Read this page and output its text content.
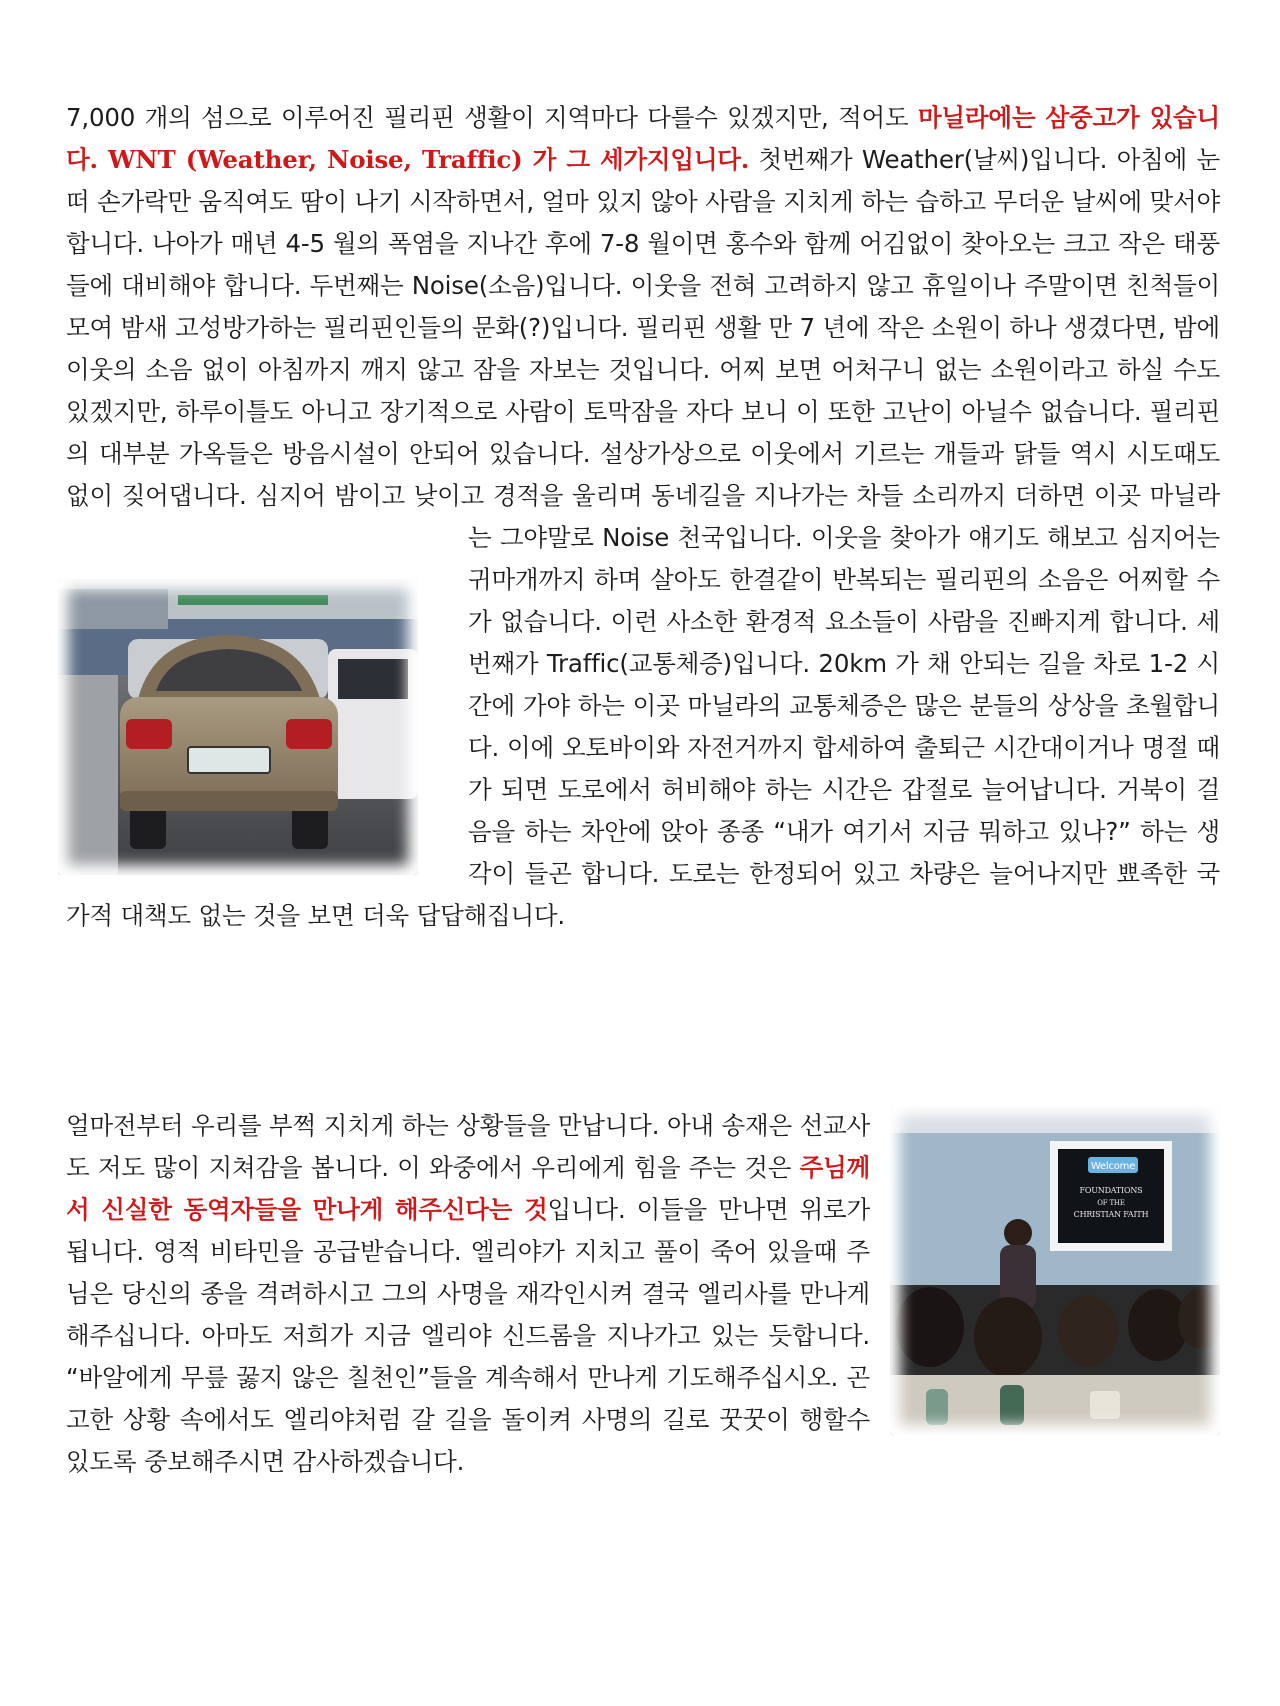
7,000 개의 섬으로 이루어진 필리핀 생활이 지역마다 다를수 있겠지만, 적어도 마닐라에는 삼중고가 있습니다. WNT (Weather, Noise, Traffic) 가 그 세가지입니다. 첫번째가 Weather(날씨)입니다. 아침에 눈떠 손가락만 움직여도 땀이 나기 시작하면서, 얼마 있지 않아 사람을 지치게 하는 습하고 무더운 날씨에 맞서야 합니다. 나아가 매년 4-5 월의 폭염을 지나간 후에 7-8 월이면 홍수와 함께 어김없이 찾아오는 크고 작은 태풍들에 대비해야 합니다. 두번째는 Noise(소음)입니다. 이웃을 전혀 고려하지 않고 휴일이나 주말이면 친척들이 모여 밤새 고성방가하는 필리핀인들의 문화(?)입니다. 필리핀 생활 만 7 년에 작은 소원이 하나 생겼다면, 밤에 이웃의 소음 없이 아침까지 깨지 않고 잠을 자보는 것입니다. 어찌 보면 어처구니 없는 소원이라고 하실 수도 있겠지만, 하루이틀도 아니고 장기적으로 사람이 토막잠을 자다 보니 이 또한 고난이 아닐수 없습니다. 필리핀의 대부분 가옥들은 방음시설이 안되어 있습니다. 설상가상으로 이웃에서 기르는 개들과 닭들 역시 시도때도 없이 짖어댑니다. 심지어 밤이고 낮이고 경적을 울리며 동네길을 지나가는 차들 소리까지 더하면 이곳 마닐라는 그야말로 Noise 천국입니다. 이웃을 찾아가 얘기도 해보고 심지어는 귀마개까지 하며 살아도 한결같이 반복되는 필리핀의 소음은 어찌할 수가 없습니다. 이런 사소한 환경적 요소들이 사람을 진빠지게 합니다. 세번째가 Traffic(교통체증)입니다. 20km 가 채 안되는 길을 차로 1-2 시간에 가야 하는 이곳 마닐라의 교통체증은 많은 분들의 상상을 초월합니다. 이에 오토바이와 자전거까지 합세하여 출퇴근 시간대이거나 명절 때가 되면 도로에서 허비해야 하는 시간은 갑절로 늘어납니다. 거북이 걸음을 하는 차안에 앉아 종종 “내가 여기서 지금 뭐하고 있나?” 하는 생각이 들곤 합니다. 도로는 한정되어 있고 차량은 늘어나지만 뾰족한 국가적 대책도 없는 것을 보면 더욱 답답해집니다.
Welcome
FOUNDATIONS
OF THE
CHRISTIAN FAITH
얼마전부터 우리를 부쩍 지치게 하는 상황들을 만납니다. 아내 송재은 선교사도 저도 많이 지쳐감을 봅니다. 이 와중에서 우리에게 힘을 주는 것은 주님께서 신실한 동역자들을 만나게 해주신다는 것입니다. 이들을 만나면 위로가 됩니다. 영적 비타민을 공급받습니다. 엘리야가 지치고 풀이 죽어 있을때 주님은 당신의 종을 격려하시고 그의 사명을 재각인시켜 결국 엘리사를 만나게 해주십니다. 아마도 저희가 지금 엘리야 신드롬을 지나가고 있는 듯합니다. “바알에게 무릎 꿇지 않은 칠천인”들을 계속해서 만나게 기도해주십시오. 곤고한 상황 속에서도 엘리야처럼 갈 길을 돌이켜 사명의 길로 꿋꿋이 행할수 있도록 중보해주시면 감사하겠습니다.
